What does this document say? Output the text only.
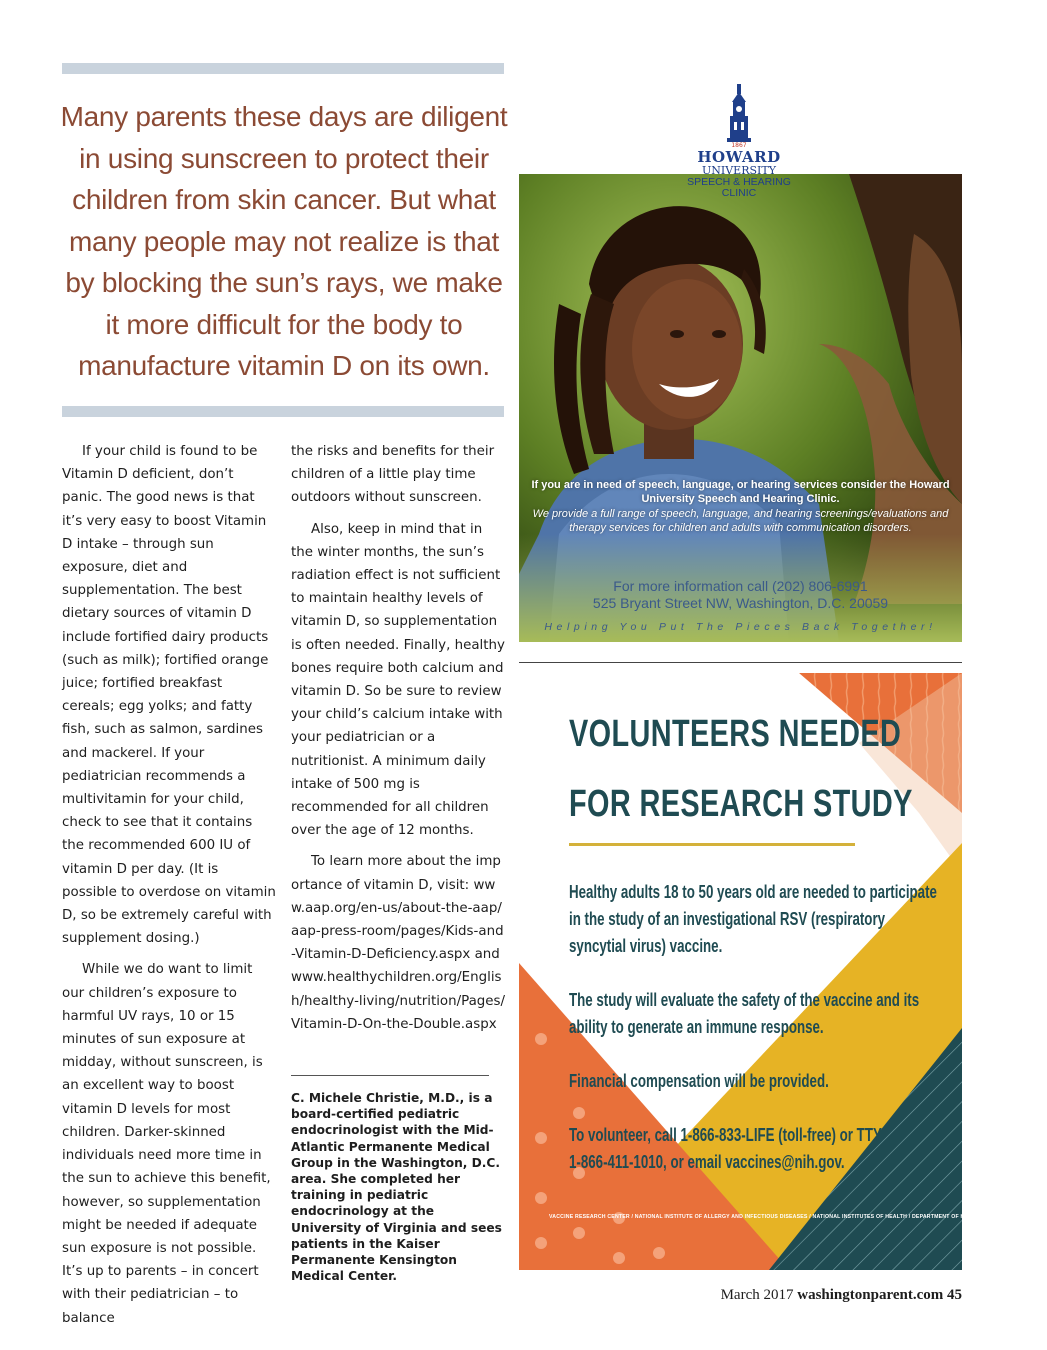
Many parents these days are diligent in using sunscreen to protect their children from skin cancer. But what many people may not realize is that by blocking the sun’s rays, we make it more difficult for the body to manufacture vitamin D on its own.

If your child is found to be Vitamin D deficient, don’t panic. The good news is that it’s very easy to boost Vitamin D intake – through sun exposure, diet and supplementation. The best dietary sources of vitamin D include fortified dairy products (such as milk); fortified orange juice; fortified breakfast cereals; egg yolks; and fatty fish, such as salmon, sardines and mackerel. If your pediatrician recommends a multivitamin for your child, check to see that it contains the recommended 600 IU of vitamin D per day. (It is possible to overdose on vitamin D, so be extremely careful with supplement dosing.)

While we do want to limit our children’s exposure to harmful UV rays, 10 or 15 minutes of sun exposure at midday, without sunscreen, is an excellent way to boost vitamin D levels for most children. Darker-skinned individuals need more time in the sun to achieve this benefit, however, so supplementation might be needed if adequate sun exposure is not possible. It’s up to parents – in concert with their pediatrician – to balance

the risks and benefits for their children of a little play time outdoors without sunscreen.

Also, keep in mind that in the winter months, the sun’s radiation effect is not sufficient to maintain healthy levels of vitamin D, so supplementation is often needed. Finally, healthy bones require both calcium and vitamin D. So be sure to review your child’s calcium intake with your pediatrician or a nutritionist. A minimum daily intake of 500 mg is recommended for all children over the age of 12 months.

To learn more about the importance of vitamin D, visit: www.aap.org/en-us/about-the-aap/aap-press-room/pages/Kids-and-Vitamin-D-Deficiency.aspx and www.healthychildren.org/English/healthy-living/nutrition/Pages/Vitamin-D-On-the-Double.aspx

C. Michele Christie, M.D., is a board-certified pediatric endocrinologist with the Mid-Atlantic Permanente Medical Group in the Washington, D.C. area. She completed her training in pediatric endocrinology at the University of Virginia and sees patients in the Kaiser Permanente Kensington Medical Center.
1867
HOWARD
UNIVERSITY
SPEECH & HEARING
CLINIC
If you are in need of speech, language, or hearing services consider the Howard University Speech and Hearing Clinic.
We provide a full range of speech, language, and hearing screenings/evaluations and therapy services for children and adults with communication disorders.
For more information call (202) 806-6991
525 Bryant Street NW, Washington, D.C. 20059
Helping You Put The Pieces Back Together!
VOLUNTEERS NEEDED
FOR RESEARCH STUDY
Healthy adults 18 to 50 years old are needed to participate
in the study of an investigational RSV (respiratory
syncytial virus) vaccine.
The study will evaluate the safety of the vaccine and its
ability to generate an immune response.
Financial compensation will be provided.
To volunteer, call 1-866-833-LIFE (toll-free) or TTY
1-866-411-1010, or email vaccines@nih.gov.
VACCINE RESEARCH CENTER / NATIONAL INSTITUTE OF ALLERGY AND INFECTIOUS DISEASES / NATIONAL INSTITUTES OF HEALTH / DEPARTMENT OF HEALTH AND HUMAN SERVICES
March 2017 washingtonparent.com 45
